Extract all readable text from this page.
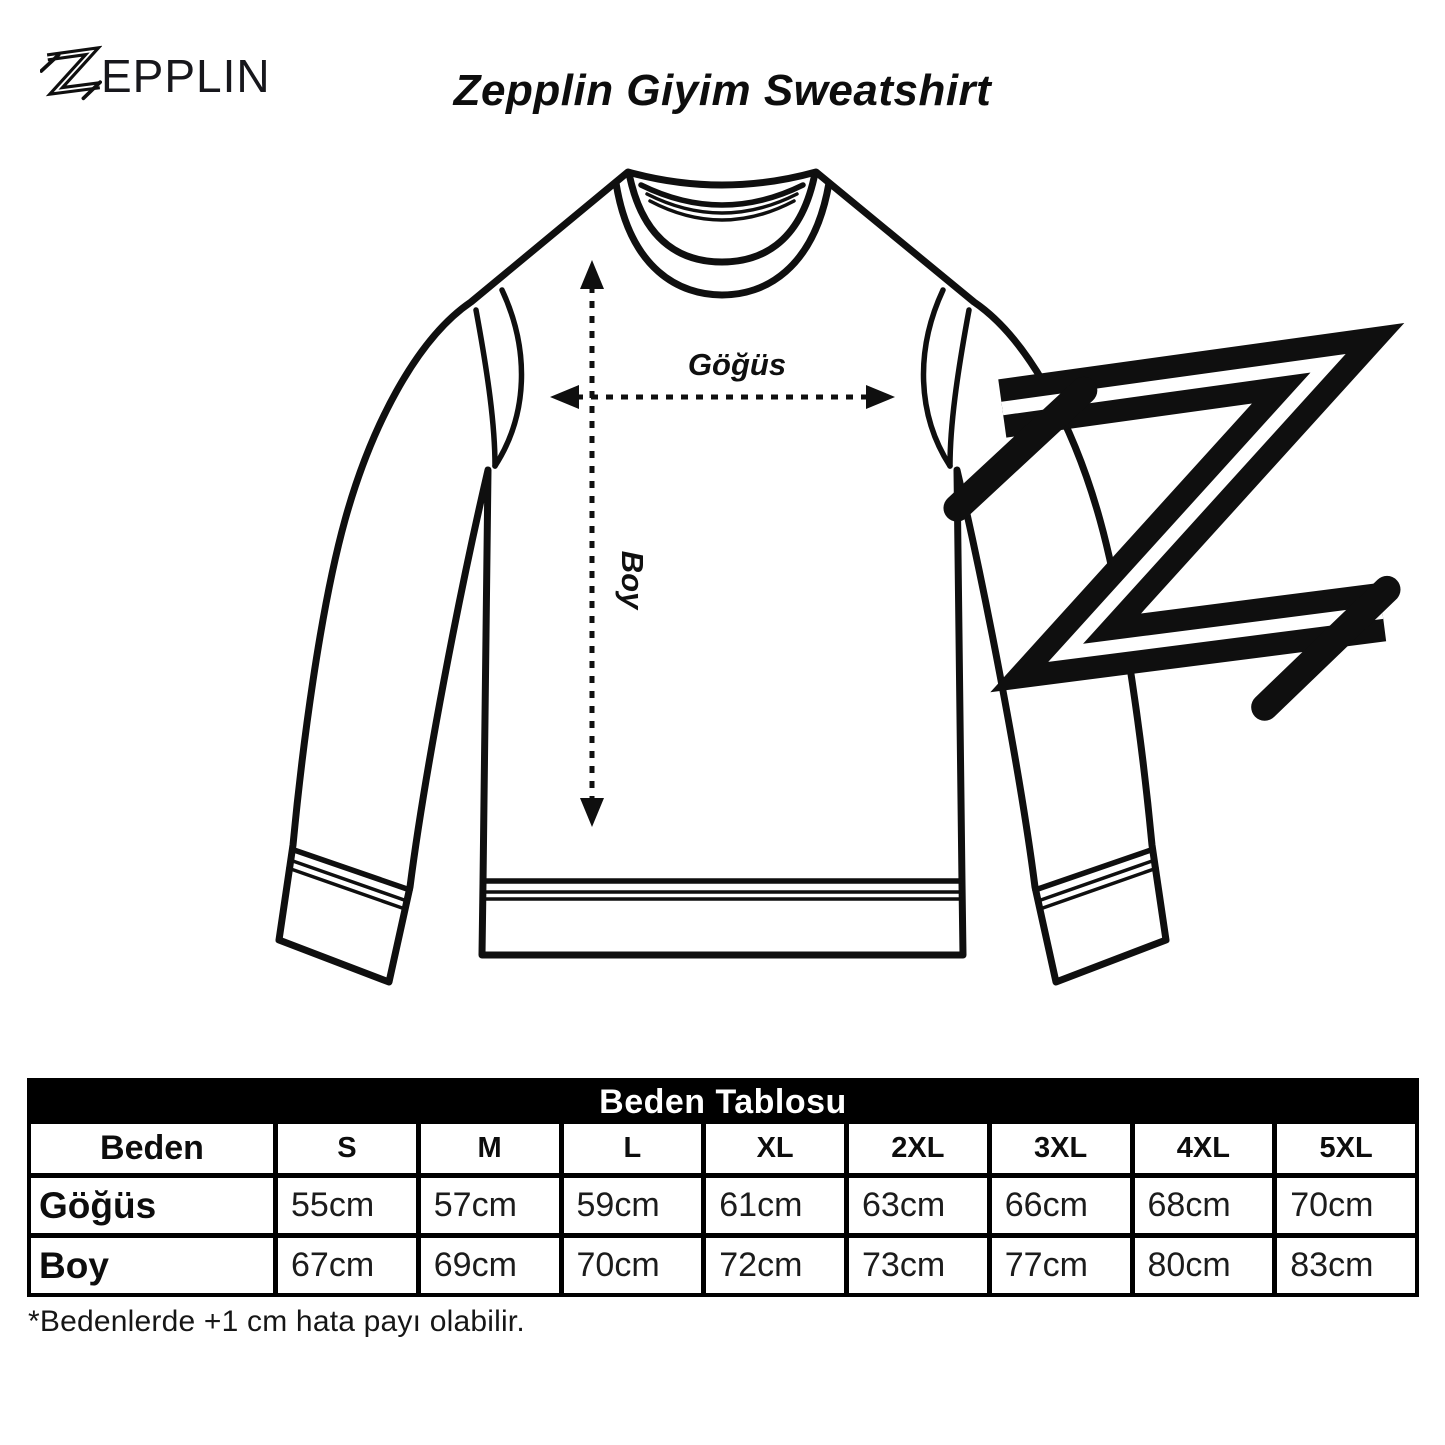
EPPLIN	Zepplin Giyim Sweatshirt
Boy
Göğüs
Beden Tablosu
Beden	S	M	L	XL	2XL	3XL	4XL	5XL
Göğüs	55cm	57cm	59cm	61cm	63cm	66cm	68cm	70cm
Boy	67cm	69cm	70cm	72cm	73cm	77cm	80cm	83cm
*Bedenlerde +1 cm hata payı olabilir.
